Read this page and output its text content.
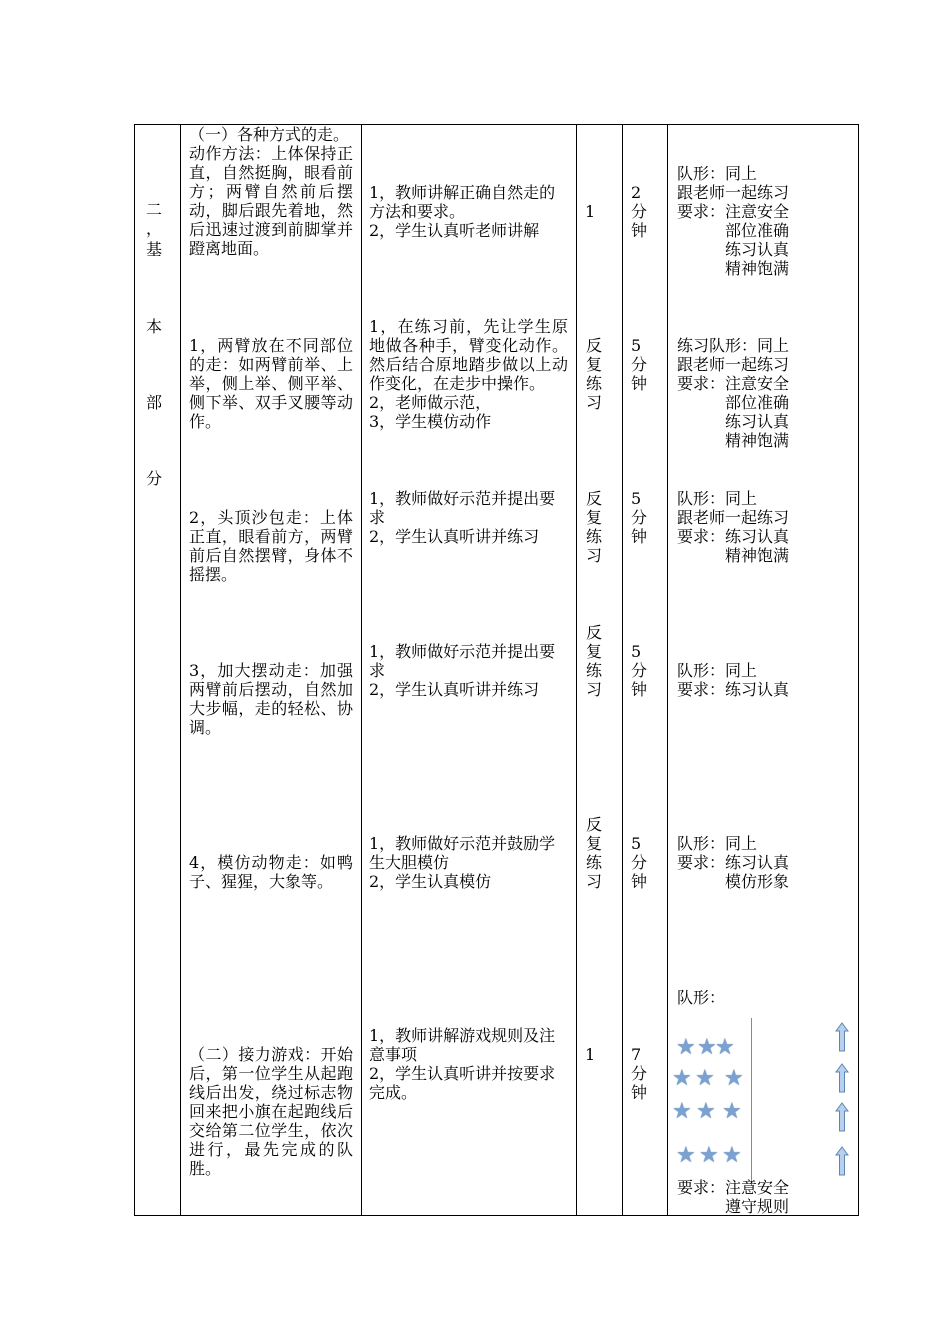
二
，
基
本
部
分
（一）各种方式的走。
动作方法：上体保持正直，自然挺胸，眼看前方；两臂自然前后摆动，脚后跟先着地，然后迅速过渡到前脚掌并蹬离地面。
1，教师讲解正确自然走的方法和要求。
2，学生认真听老师讲解
1
2
分
钟
队形：同上
跟老师一起练习
要求：注意安全
　　　部位准确
　　　练习认真
　　　精神饱满
1，两臂放在不同部位的走：如两臂前举、上举，侧上举、侧平举、侧下举、双手叉腰等动作。
1，在练习前，先让学生原地做各种手，臂变化动作。然后结合原地踏步做以上动作变化，在走步中操作。
2，老师做示范，
3，学生模仿动作
反
复
练
习
5
分
钟
练习队形：同上
跟老师一起练习
要求：注意安全
　　　部位准确
　　　练习认真
　　　精神饱满
2，头顶沙包走：上体正直，眼看前方，两臂前后自然摆臂，身体不摇摆。
1，教师做好示范并提出要求
2，学生认真听讲并练习
反
复
练
习
5
分
钟
队形：同上
跟老师一起练习
要求：练习认真
　　　精神饱满
3，加大摆动走：加强两臂前后摆动，自然加大步幅，走的轻松、协调。
1，教师做好示范并提出要求
2，学生认真听讲并练习
反
复
练
习
5
分
钟
队形：同上
要求：练习认真
4，模仿动物走：如鸭子、猩猩，大象等。
1，教师做好示范并鼓励学生大胆模仿
2，学生认真模仿
反
复
练
习
5
分
钟
队形：同上
要求：练习认真
　　　模仿形象
（二）接力游戏：开始后，第一位学生从起跑线后出发，绕过标志物回来把小旗在起跑线后交给第二位学生，依次进行，最先完成的队胜。
1，教师讲解游戏规则及注意事项
2，学生认真听讲并按要求完成。
1	7
分
钟
队形：
★ ★
★
★ ★ ★
★ ★ ★
★ ★ ★
要求：注意安全
　　　遵守规则
